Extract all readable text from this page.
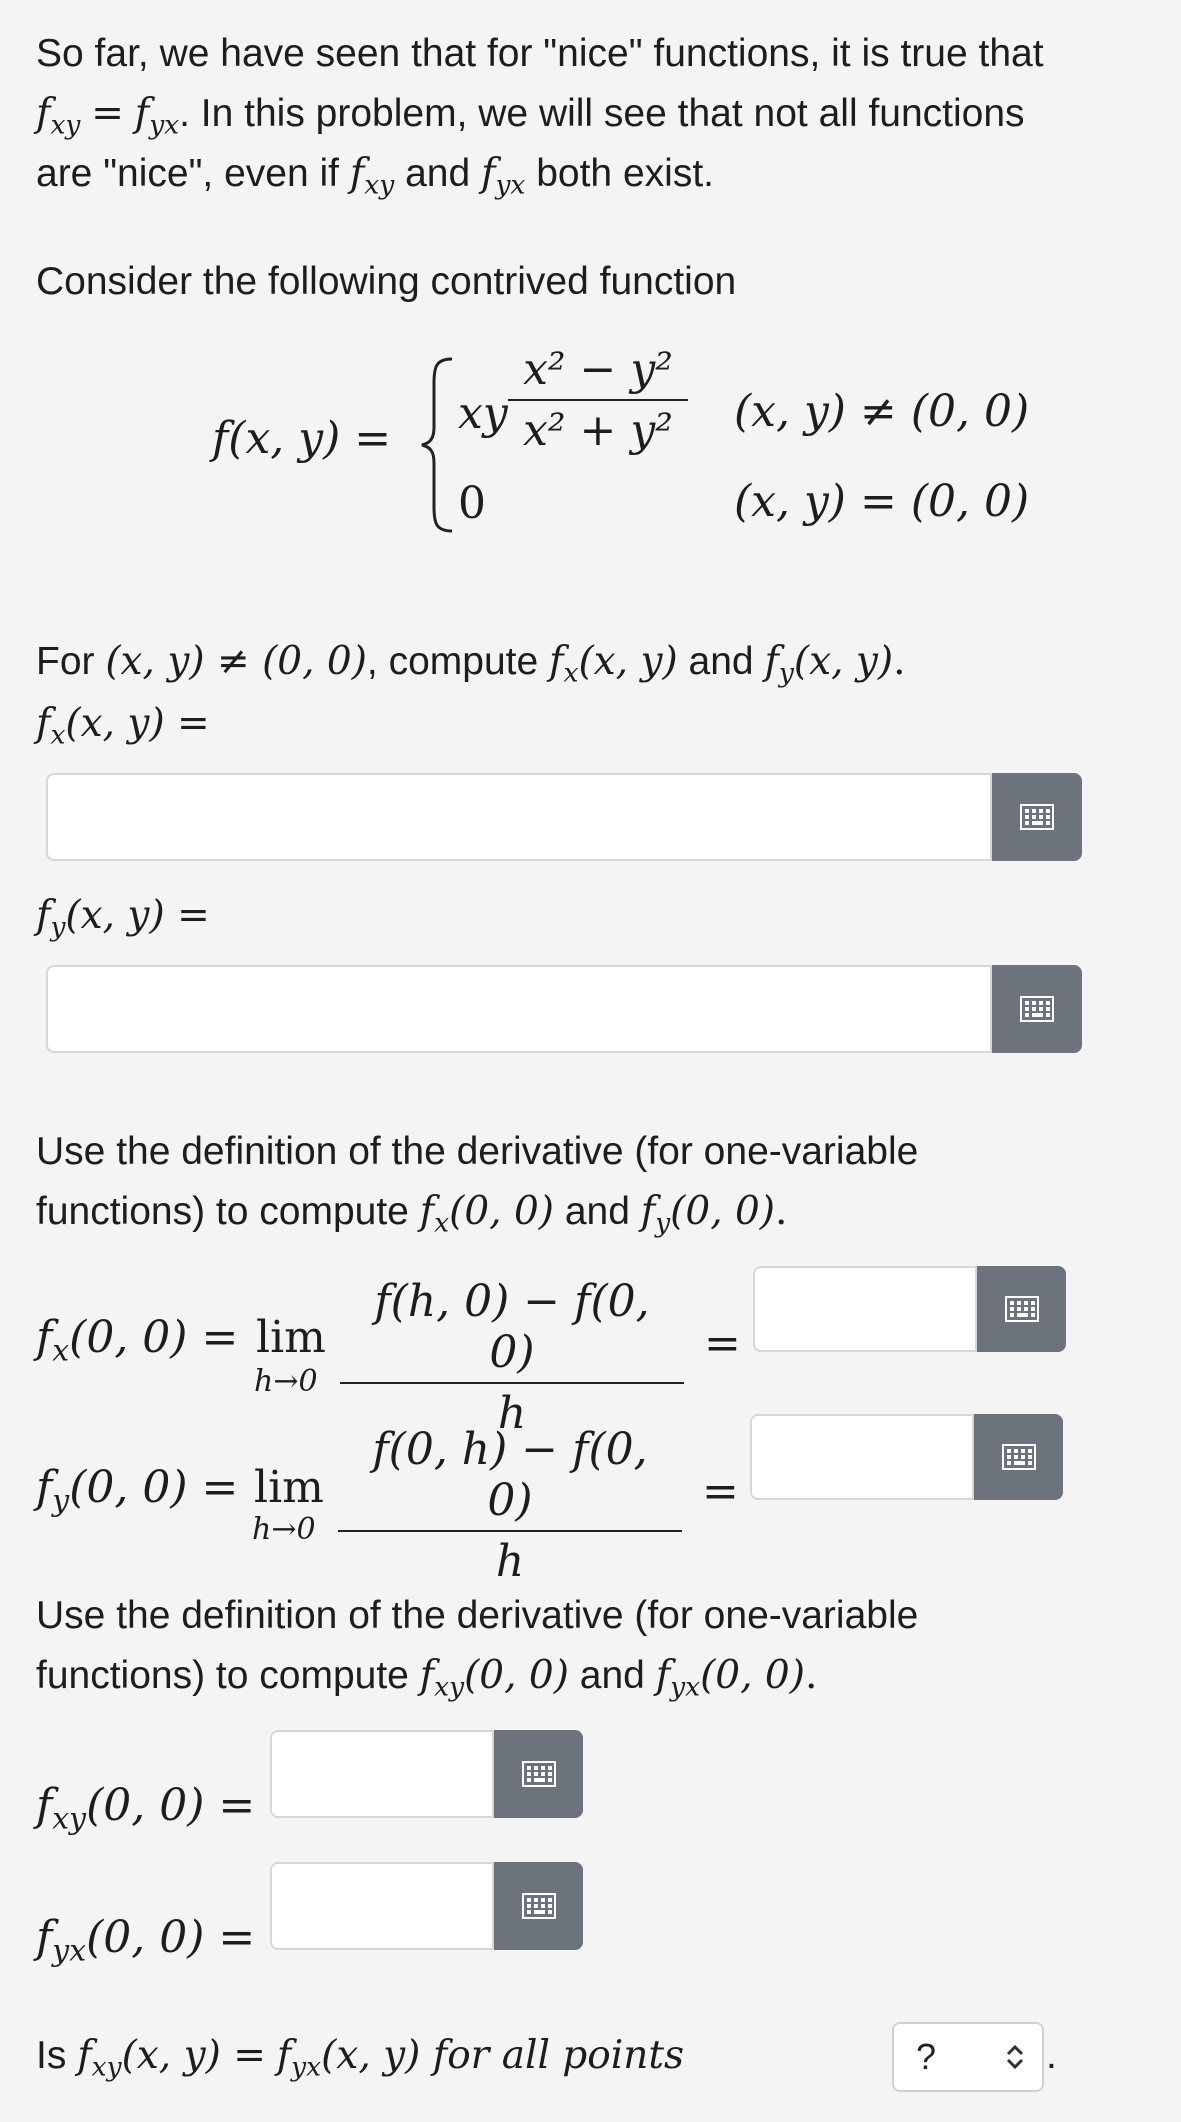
So far, we have seen that for "nice" functions, it is true that
$f_{xy} = f_{yx}$. In this problem, we will see that not all functions
are "nice", even if $f_{xy}$ and $f_{yx}$ both exist.
Consider the following contrived function
f(x, y) = xy $\frac{\text{x² − y²}}{\text{x² + y²}} (x$, y) ≠ (0, 0)
0	(x, y) = (0, 0)
For (x, y) ≠ (0, 0), compute $f_x(x$, y) and $f_y(x$, y).
$f_x(x$, y) =
$f_y(x$, y) =
Use the definition of the derivative (for one-variable
functions) to compute $f_x(0$, 0) and $f_y(0$, 0).
$f_x(0$, 0) = lim
$h\to 0 \frac{f(h, 0) - f(0, 0)}{h}$ =
$f_y(0$, 0) = lim
$h\to 0 \frac{f(0, h) - f(0, 0)}{h}$ =
Use the definition of the derivative (for one-variable
functions) to compute $f_{xy}(0$, 0) and $f_{yx}(0$, 0).
$f_{xy}(0$, 0) =
$f_{yx}(0$, 0) =
Is $f_{xy}(x$, $y) = f_{yx}(x$, y) for all points	?	.
